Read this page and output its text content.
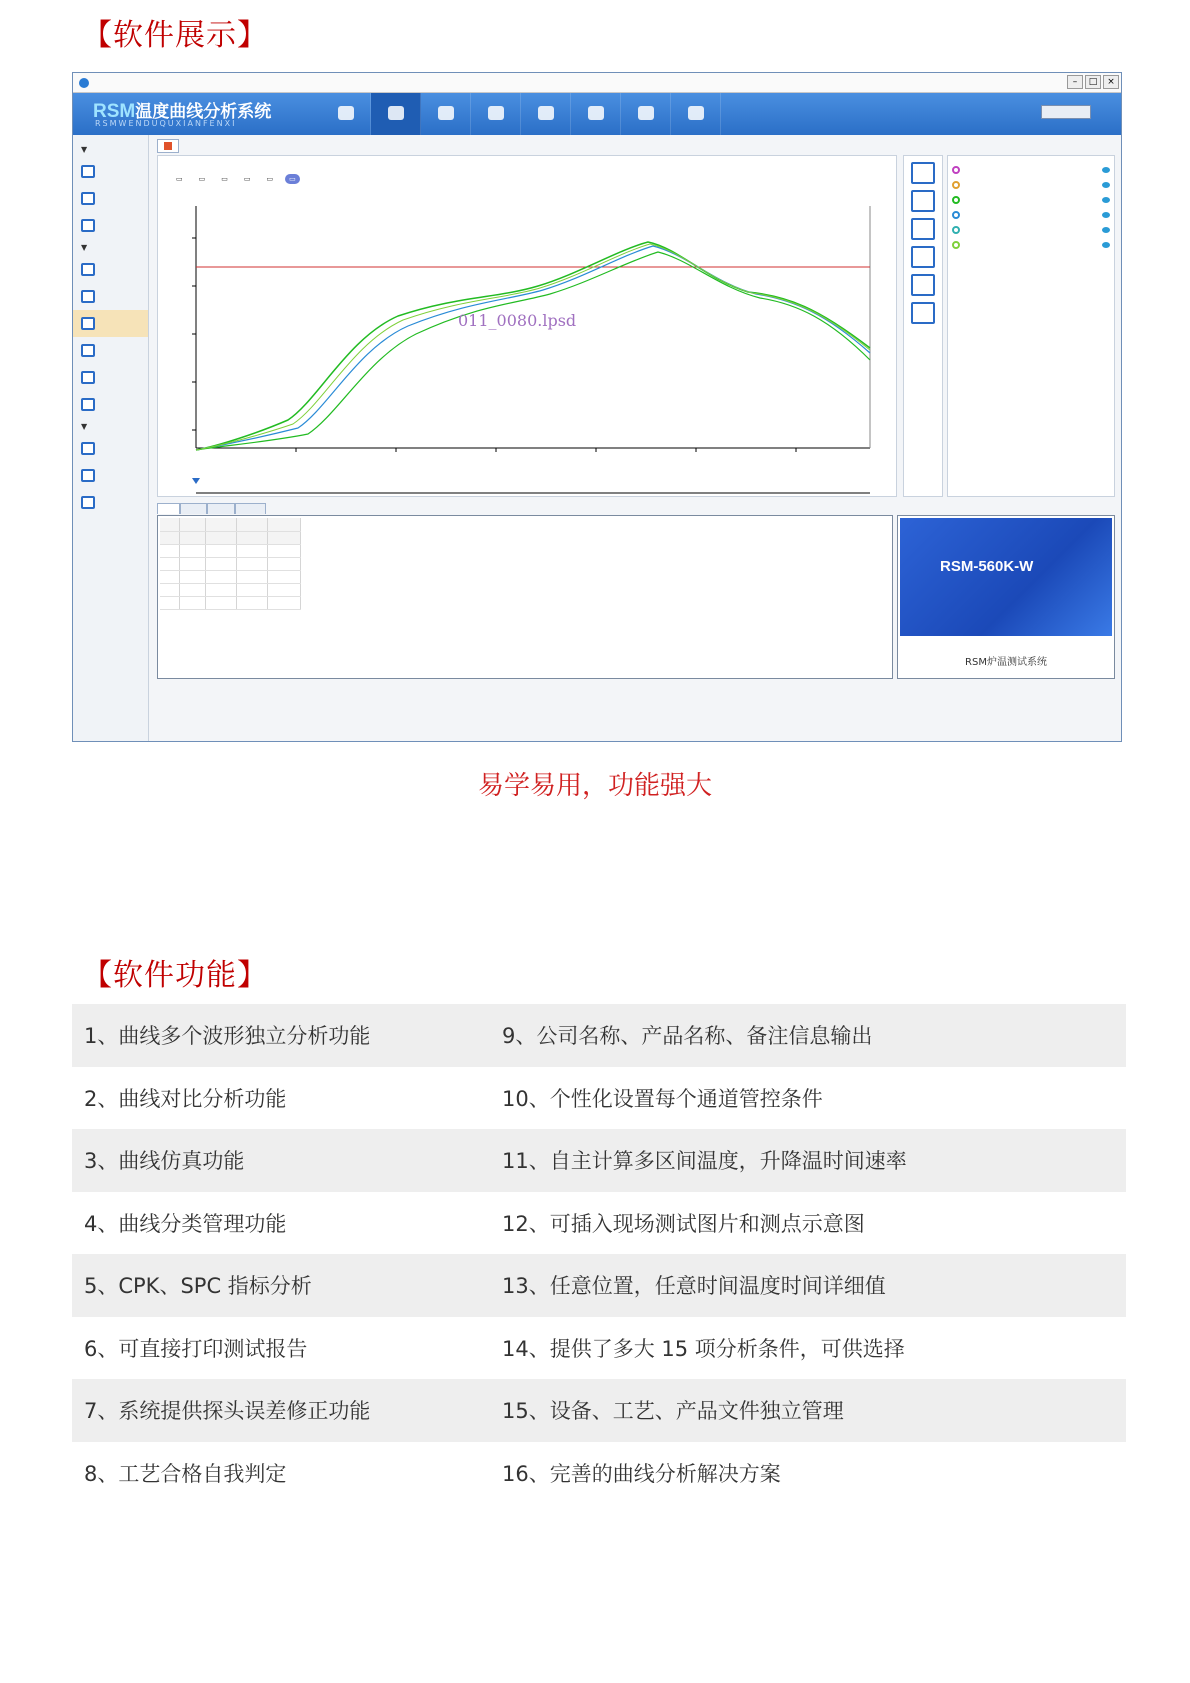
【软件展示】
–	□	×
RSM温度曲线分析系统
RSMWENDUQUXIANFENXI
▼
▼
▼
▭	▭	▭	▭	▭	▭
011_0080.lpsd

RSM-560K-W
RSM炉温测试系统
易学易用，功能强大
【软件功能】
1、曲线多个波形独立分析功能	9、公司名称、产品名称、备注信息输出
2、曲线对比分析功能	10、个性化设置每个通道管控条件
3、曲线仿真功能	11、自主计算多区间温度，升降温时间速率
4、曲线分类管理功能	12、可插入现场测试图片和测点示意图
5、CPK、SPC 指标分析	13、任意位置，任意时间温度时间详细值
6、可直接打印测试报告	14、提供了多大 15 项分析条件，可供选择
7、系统提供探头误差修正功能	15、设备、工艺、产品文件独立管理
8、工艺合格自我判定	16、完善的曲线分析解决方案
